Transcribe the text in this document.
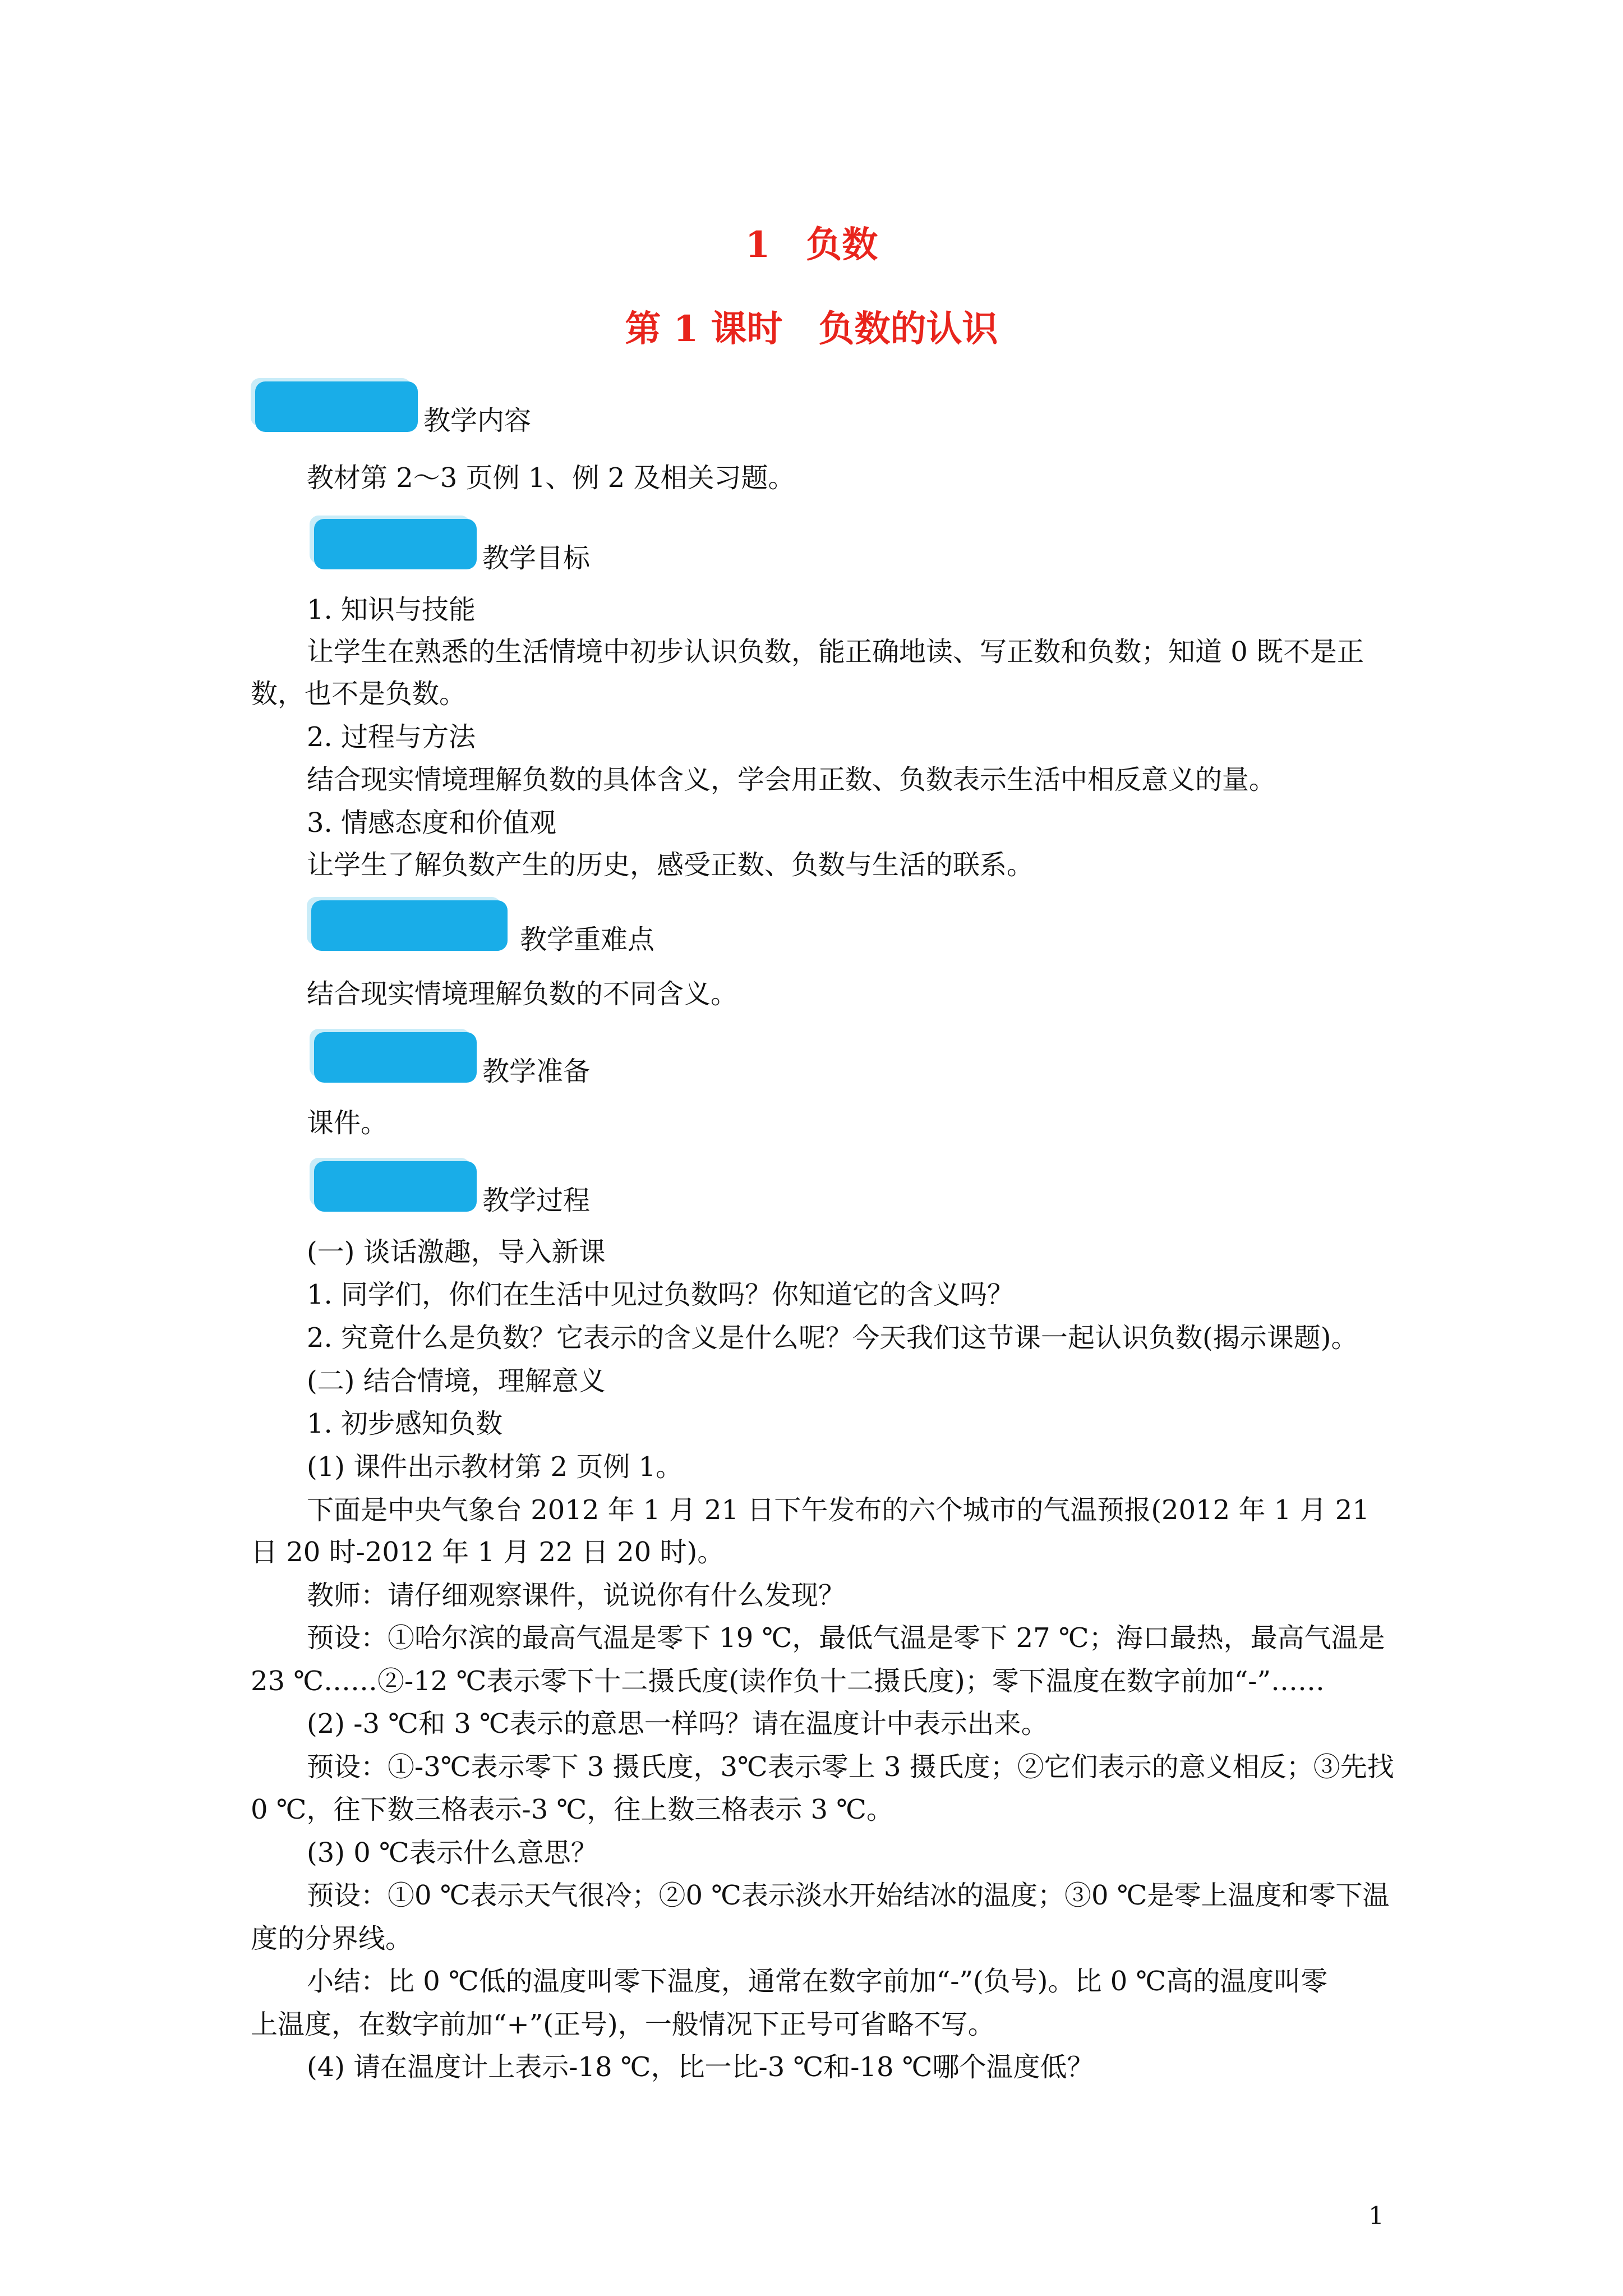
1　负数
第 1 课时　负数的认识
教学内容
教材第 2～3 页例 1、例 2 及相关习题。
教学目标
1. 知识与技能
让学生在熟悉的生活情境中初步认识负数，能正确地读、写正数和负数；知道 0 既不是正
数，也不是负数。
2. 过程与方法
结合现实情境理解负数的具体含义，学会用正数、负数表示生活中相反意义的量。
3. 情感态度和价值观
让学生了解负数产生的历史，感受正数、负数与生活的联系。
教学重难点
结合现实情境理解负数的不同含义。
教学准备
课件。
教学过程
(一) 谈话激趣，导入新课
1. 同学们，你们在生活中见过负数吗？你知道它的含义吗？
2. 究竟什么是负数？它表示的含义是什么呢？今天我们这节课一起认识负数(揭示课题)。
(二) 结合情境，理解意义
1. 初步感知负数
(1) 课件出示教材第 2 页例 1。
下面是中央气象台 2012 年 1 月 21 日下午发布的六个城市的气温预报(2012 年 1 月 21
日 20 时-2012 年 1 月 22 日 20 时)。
教师：请仔细观察课件，说说你有什么发现？
预设：①哈尔滨的最高气温是零下 19 ℃，最低气温是零下 27 ℃；海口最热，最高气温是
23 ℃……②-12 ℃表示零下十二摄氏度(读作负十二摄氏度)；零下温度在数字前加“-”……
(2) -3 ℃和 3 ℃表示的意思一样吗？请在温度计中表示出来。
预设：①-3℃表示零下 3 摄氏度，3℃表示零上 3 摄氏度；②它们表示的意义相反；③先找
0 ℃，往下数三格表示-3 ℃，往上数三格表示 3 ℃。
(3) 0 ℃表示什么意思？
预设：①0 ℃表示天气很冷；②0 ℃表示淡水开始结冰的温度；③0 ℃是零上温度和零下温
度的分界线。
小结：比 0 ℃低的温度叫零下温度，通常在数字前加“-”(负号)。比 0 ℃高的温度叫零
上温度，在数字前加“+”(正号)，一般情况下正号可省略不写。
(4) 请在温度计上表示-18 ℃，比一比-3 ℃和-18 ℃哪个温度低？
1
